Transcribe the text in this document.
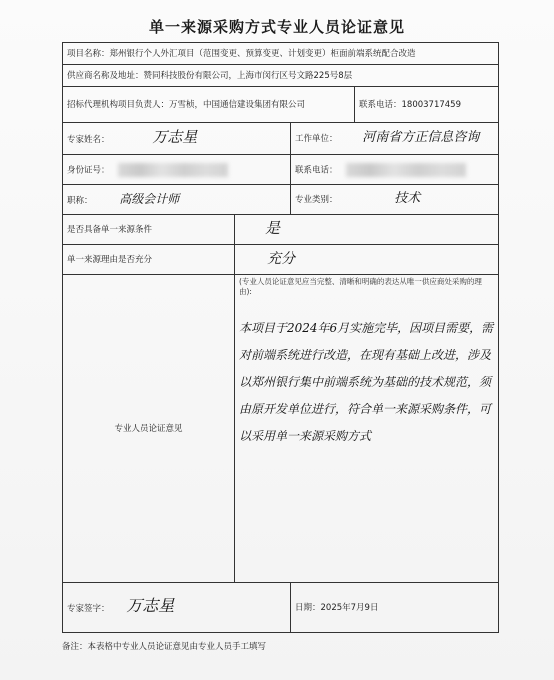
单一来源采购方式专业人员论证意见
项目名称：郑州银行个人外汇项目（范围变更、预算变更、计划变更）柜面前端系统配合改造			
供应商名称及地址：赞同科技股份有限公司，上海市闵行区号文路225号8层			
招标代理机构项目负责人：万雪桢，中国通信建设集团有限公司			联系电话：18003717459
专家姓名： 万志星		工作单位： 河南省方正信息咨询	
身份证号：		联系电话：	
职称： 高级会计师		专业类别： 技术	
是否具备单一来源条件	是		
单一来源理由是否充分	充分		
专业人员论证意见	(专业人员论证意见应当完整、清晰和明确的表达从唯一供应商处采购的理由):
本项目于2024年6月实施完毕，因项目需要，需对前端系统进行改造，在现有基础上改进，涉及以郑州银行集中前端系统为基础的技术规范，须由原开发单位进行，符合单一来源采购条件，可以采用单一来源采购方式		

专家签字： 万志星		日期：2025年7月9日	
备注：本表格中专业人员论证意见由专业人员手工填写
